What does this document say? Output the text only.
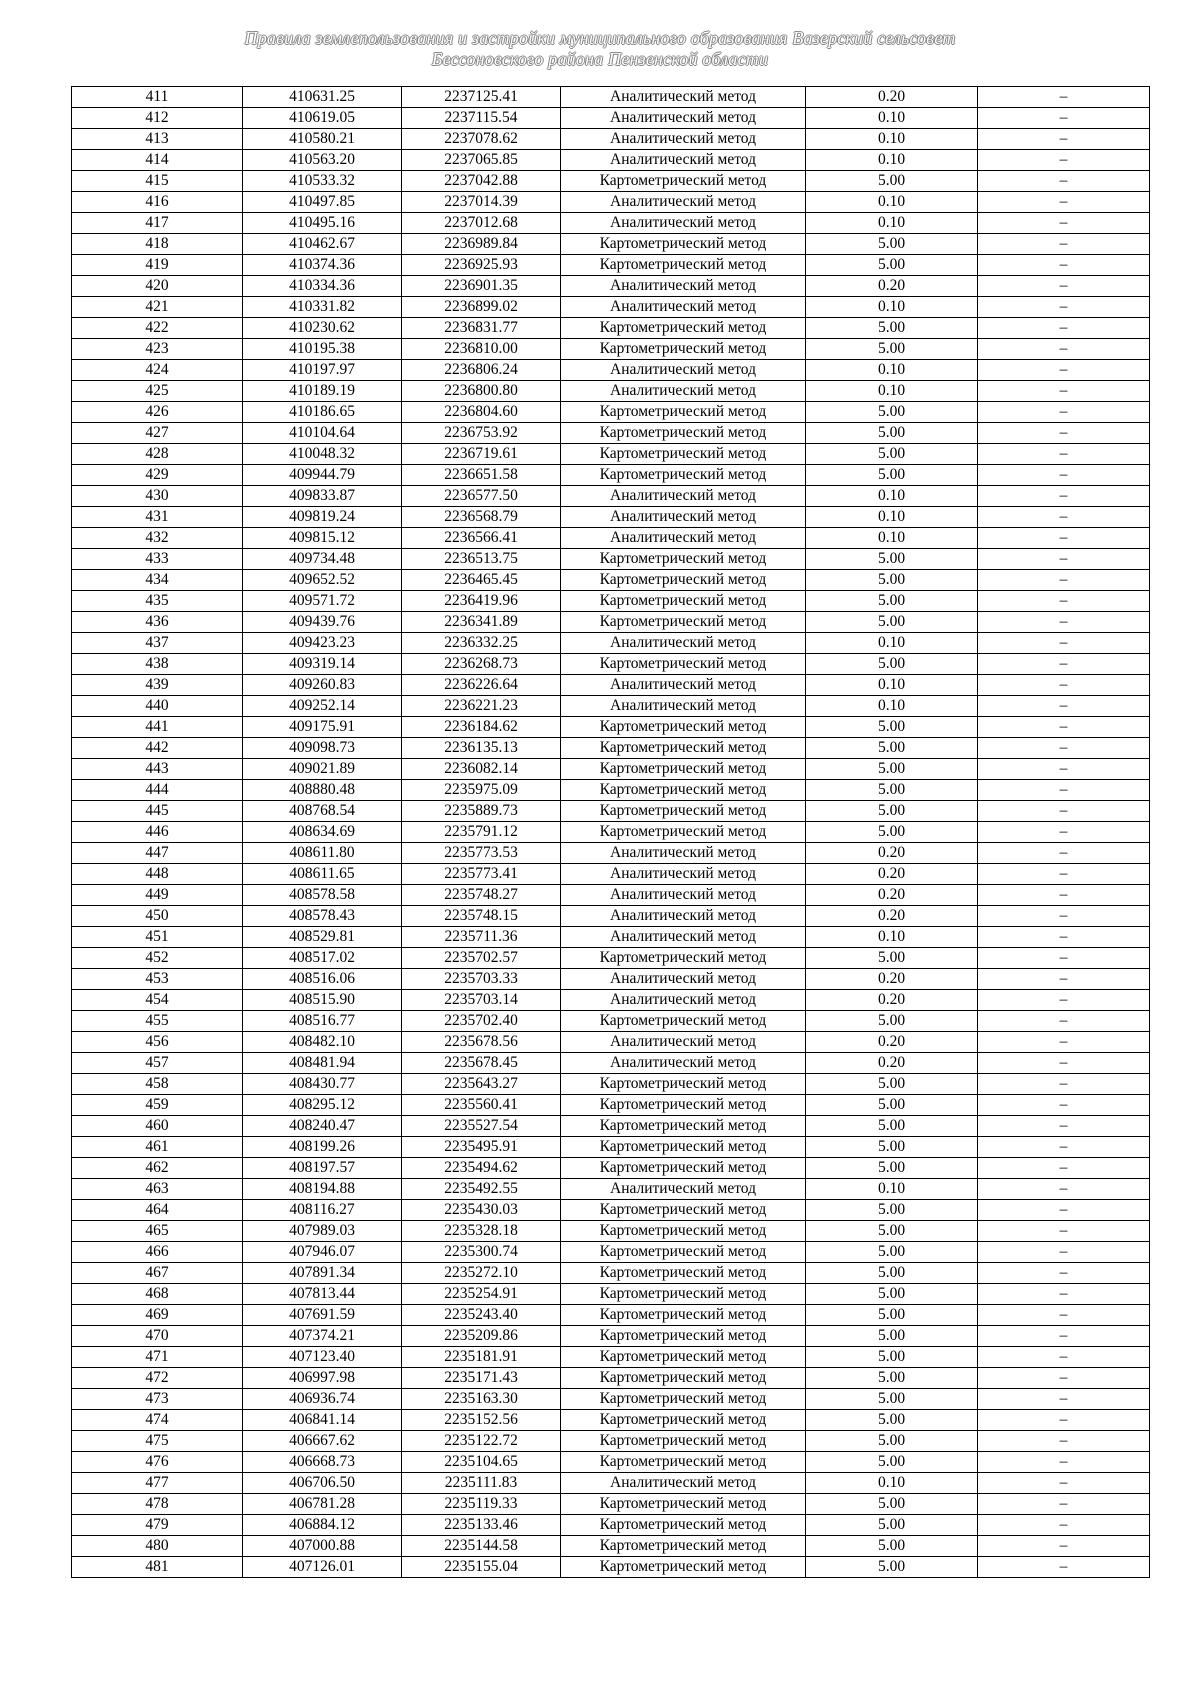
Правила землепользования и застройки муниципального образования Вазерский сельсовет
Бессоновского района Пензенской области
411	410631.25	2237125.41	Аналитический метод	0.20	–
412	410619.05	2237115.54	Аналитический метод	0.10	–
413	410580.21	2237078.62	Аналитический метод	0.10	–
414	410563.20	2237065.85	Аналитический метод	0.10	–
415	410533.32	2237042.88	Картометрический метод	5.00	–
416	410497.85	2237014.39	Аналитический метод	0.10	–
417	410495.16	2237012.68	Аналитический метод	0.10	–
418	410462.67	2236989.84	Картометрический метод	5.00	–
419	410374.36	2236925.93	Картометрический метод	5.00	–
420	410334.36	2236901.35	Аналитический метод	0.20	–
421	410331.82	2236899.02	Аналитический метод	0.10	–
422	410230.62	2236831.77	Картометрический метод	5.00	–
423	410195.38	2236810.00	Картометрический метод	5.00	–
424	410197.97	2236806.24	Аналитический метод	0.10	–
425	410189.19	2236800.80	Аналитический метод	0.10	–
426	410186.65	2236804.60	Картометрический метод	5.00	–
427	410104.64	2236753.92	Картометрический метод	5.00	–
428	410048.32	2236719.61	Картометрический метод	5.00	–
429	409944.79	2236651.58	Картометрический метод	5.00	–
430	409833.87	2236577.50	Аналитический метод	0.10	–
431	409819.24	2236568.79	Аналитический метод	0.10	–
432	409815.12	2236566.41	Аналитический метод	0.10	–
433	409734.48	2236513.75	Картометрический метод	5.00	–
434	409652.52	2236465.45	Картометрический метод	5.00	–
435	409571.72	2236419.96	Картометрический метод	5.00	–
436	409439.76	2236341.89	Картометрический метод	5.00	–
437	409423.23	2236332.25	Аналитический метод	0.10	–
438	409319.14	2236268.73	Картометрический метод	5.00	–
439	409260.83	2236226.64	Аналитический метод	0.10	–
440	409252.14	2236221.23	Аналитический метод	0.10	–
441	409175.91	2236184.62	Картометрический метод	5.00	–
442	409098.73	2236135.13	Картометрический метод	5.00	–
443	409021.89	2236082.14	Картометрический метод	5.00	–
444	408880.48	2235975.09	Картометрический метод	5.00	–
445	408768.54	2235889.73	Картометрический метод	5.00	–
446	408634.69	2235791.12	Картометрический метод	5.00	–
447	408611.80	2235773.53	Аналитический метод	0.20	–
448	408611.65	2235773.41	Аналитический метод	0.20	–
449	408578.58	2235748.27	Аналитический метод	0.20	–
450	408578.43	2235748.15	Аналитический метод	0.20	–
451	408529.81	2235711.36	Аналитический метод	0.10	–
452	408517.02	2235702.57	Картометрический метод	5.00	–
453	408516.06	2235703.33	Аналитический метод	0.20	–
454	408515.90	2235703.14	Аналитический метод	0.20	–
455	408516.77	2235702.40	Картометрический метод	5.00	–
456	408482.10	2235678.56	Аналитический метод	0.20	–
457	408481.94	2235678.45	Аналитический метод	0.20	–
458	408430.77	2235643.27	Картометрический метод	5.00	–
459	408295.12	2235560.41	Картометрический метод	5.00	–
460	408240.47	2235527.54	Картометрический метод	5.00	–
461	408199.26	2235495.91	Картометрический метод	5.00	–
462	408197.57	2235494.62	Картометрический метод	5.00	–
463	408194.88	2235492.55	Аналитический метод	0.10	–
464	408116.27	2235430.03	Картометрический метод	5.00	–
465	407989.03	2235328.18	Картометрический метод	5.00	–
466	407946.07	2235300.74	Картометрический метод	5.00	–
467	407891.34	2235272.10	Картометрический метод	5.00	–
468	407813.44	2235254.91	Картометрический метод	5.00	–
469	407691.59	2235243.40	Картометрический метод	5.00	–
470	407374.21	2235209.86	Картометрический метод	5.00	–
471	407123.40	2235181.91	Картометрический метод	5.00	–
472	406997.98	2235171.43	Картометрический метод	5.00	–
473	406936.74	2235163.30	Картометрический метод	5.00	–
474	406841.14	2235152.56	Картометрический метод	5.00	–
475	406667.62	2235122.72	Картометрический метод	5.00	–
476	406668.73	2235104.65	Картометрический метод	5.00	–
477	406706.50	2235111.83	Аналитический метод	0.10	–
478	406781.28	2235119.33	Картометрический метод	5.00	–
479	406884.12	2235133.46	Картометрический метод	5.00	–
480	407000.88	2235144.58	Картометрический метод	5.00	–
481	407126.01	2235155.04	Картометрический метод	5.00	–
